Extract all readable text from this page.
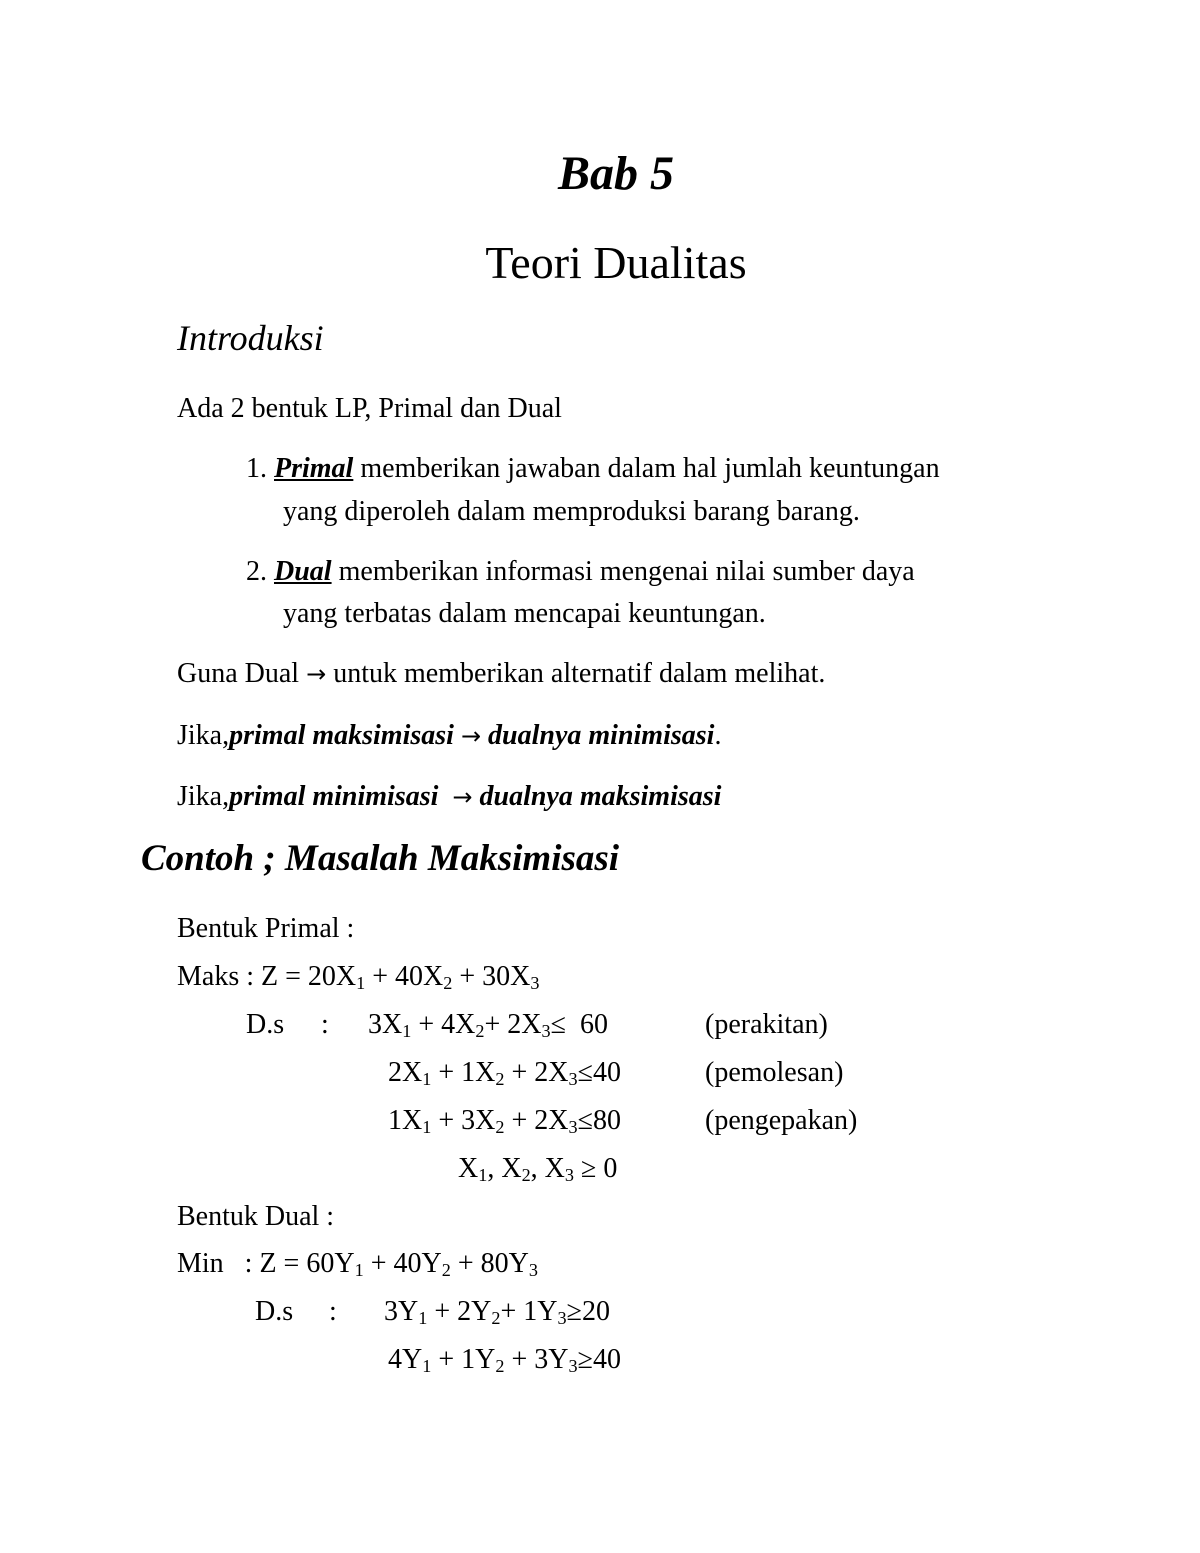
Bab 5
Teori Dualitas
Introduksi
Ada 2 bentuk LP, Primal dan Dual
1. Primal memberikan jawaban dalam hal jumlah keuntungan
yang diperoleh dalam memproduksi barang barang.
2. Dual memberikan informasi mengenai nilai sumber daya
yang terbatas dalam mencapai keuntungan.
Guna Dual → untuk memberikan alternatif dalam melihat.
Jika,primal maksimisasi → dualnya minimisasi.
Jika,primal minimisasi → dualnya maksimisasi
Contoh ; Masalah Maksimisasi
Bentuk Primal :
Maks : $Z = 20X_1 + 40X_2 + 30X_3$
D.s : $3X_1 + 4X_2+ 2X_3\le 60$	(perakitan)
$2X_1 + 1X_2 + 2X_3\le 40$	(pemolesan)
$1X_1 + 3X_2 + 2X_3\le 80$	(pengepakan)
$X_1$, $X_2$, $X_3 \ge 0$
Bentuk Dual :
Min   : $Z = 60Y_1 + 40Y_2 + 80Y_3$
D.s : $3Y_1 + 2Y_2+ 1Y_3\ge 20$
$4Y_1 + 1Y_2 + 3Y_3\ge 40$
